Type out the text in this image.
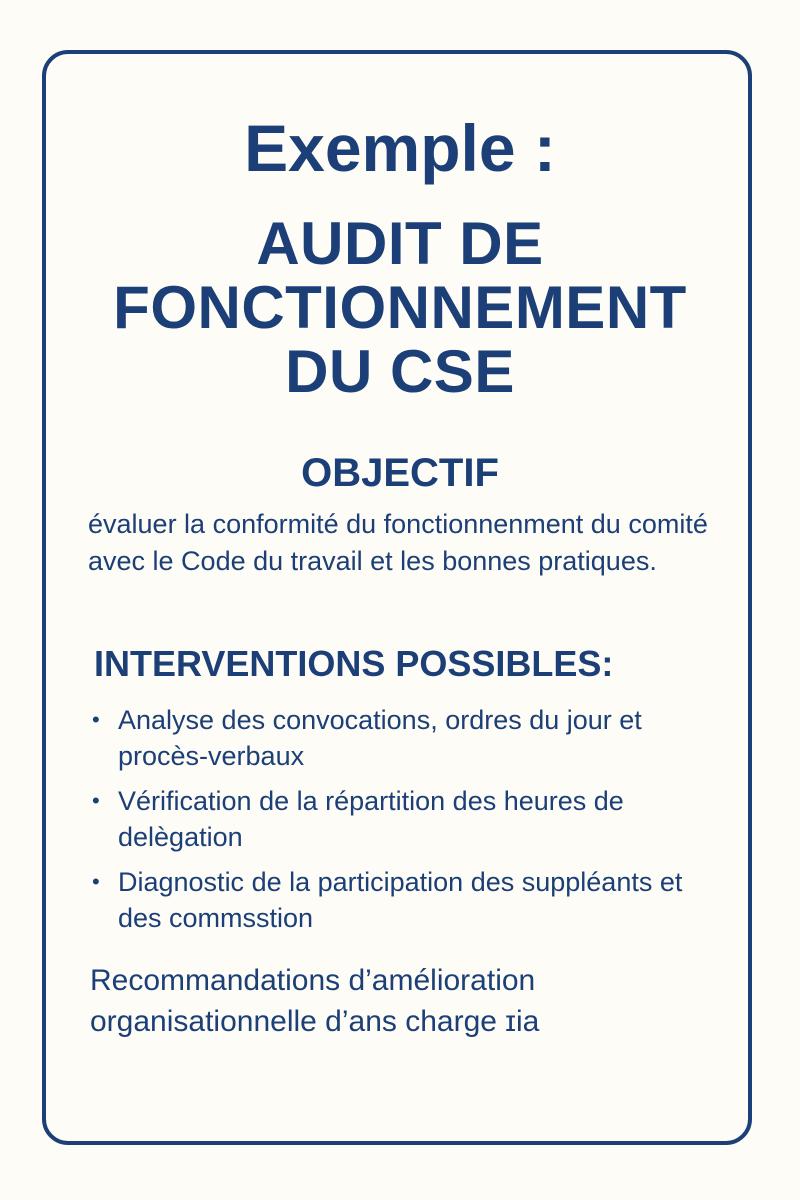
Exemple :
AUDIT DE
FONCTIONNEMENT
DU CSE
OBJECTIF
évaluer la conformité du fonctionnenment du comité avec le Code du travail et les bonnes pratiques.
INTERVENTIONS POSSIBLES:
• Analyse des convocations, ordres du jour et procès-verbaux
• Vérification de la répartition des heures de delègation
• Diagnostic de la participation des suppléants et des commsstion
Recommandations d’amélioration organisationnelle d’ans charge ɪia
